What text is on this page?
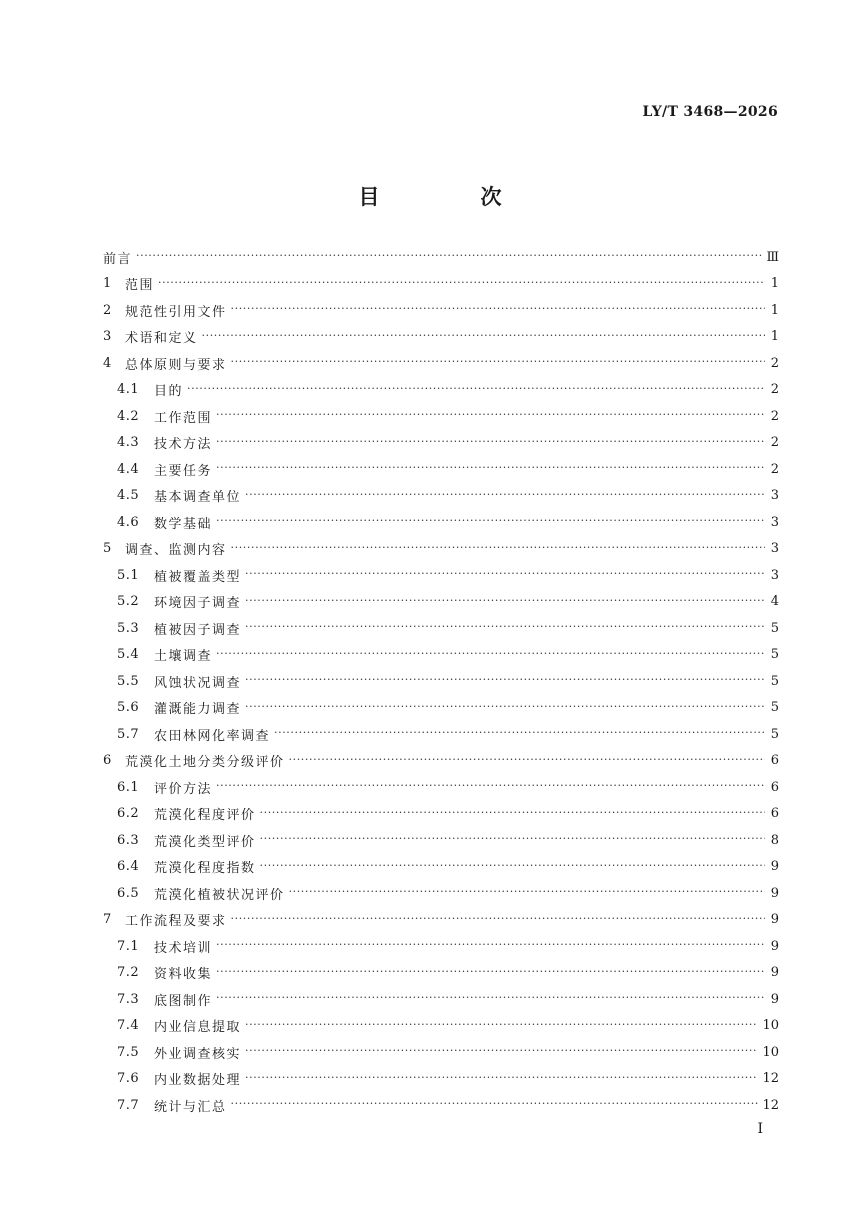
LY/T 3468—2026
目　次
前言 ·····	Ⅲ
1	范围 ·····	1
2	规范性引用文件 ·····	1
3	术语和定义 ·····	1
4	总体原则与要求 ·····	2
4.1	目的 ·····	2
4.2	工作范围 ·····	2
4.3	技术方法 ·····	2
4.4	主要任务 ·····	2
4.5	基本调查单位 ·····	3
4.6	数学基础 ·····	3
5	调查、监测内容 ·····	3
5.1	植被覆盖类型 ·····	3
5.2	环境因子调查 ·····	4
5.3	植被因子调查 ·····	5
5.4	土壤调查 ·····	5
5.5	风蚀状况调查 ·····	5
5.6	灌溉能力调查 ·····	5
5.7	农田林网化率调查 ·····	5
6	荒漠化土地分类分级评价 ·····	6
6.1	评价方法 ·····	6
6.2	荒漠化程度评价 ·····	6
6.3	荒漠化类型评价 ·····	8
6.4	荒漠化程度指数 ·····	9
6.5	荒漠化植被状况评价 ·····	9
7	工作流程及要求 ·····	9
7.1	技术培训 ·····	9
7.2	资料收集 ·····	9
7.3	底图制作 ·····	9
7.4	内业信息提取 ·····	10
7.5	外业调查核实 ·····	10
7.6	内业数据处理 ·····	12
7.7	统计与汇总 ·····	12
I
